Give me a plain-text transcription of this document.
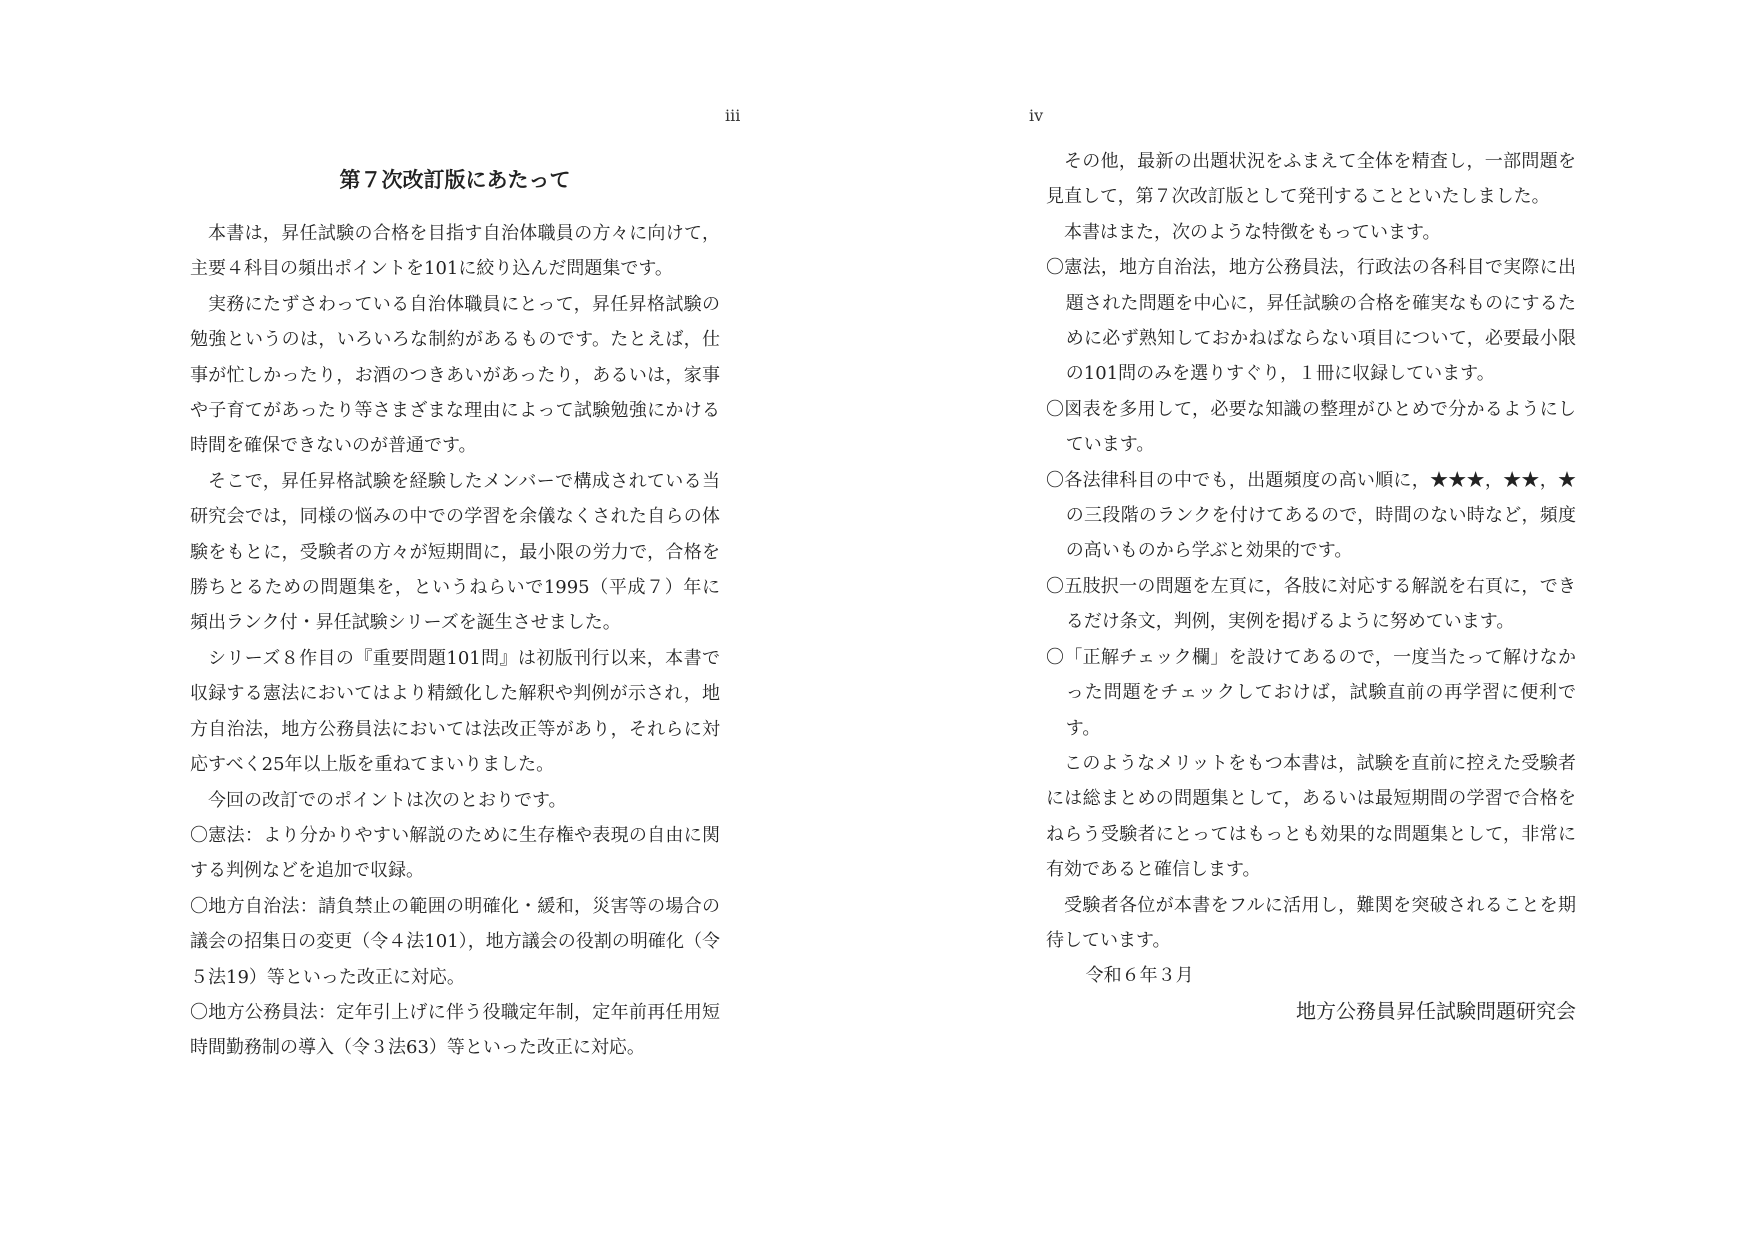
iii
第７次改訂版にあたって

本書は，昇任試験の合格を目指す自治体職員の方々に向けて，主要４科目の頻出ポイントを101に絞り込んだ問題集です。

実務にたずさわっている自治体職員にとって，昇任昇格試験の勉強というのは，いろいろな制約があるものです。たとえば，仕事が忙しかったり，お酒のつきあいがあったり，あるいは，家事や子育てがあったり等さまざまな理由によって試験勉強にかける時間を確保できないのが普通です。

そこで，昇任昇格試験を経験したメンバーで構成されている当研究会では，同様の悩みの中での学習を余儀なくされた自らの体験をもとに，受験者の方々が短期間に，最小限の労力で，合格を勝ちとるための問題集を，というねらいで1995（平成７）年に頻出ランク付・昇任試験シリーズを誕生させました。

シリーズ８作目の『重要問題101問』は初版刊行以来，本書で収録する憲法においてはより精緻化した解釈や判例が示され，地方自治法，地方公務員法においては法改正等があり，それらに対応すべく25年以上版を重ねてまいりました。

今回の改訂でのポイントは次のとおりです。

〇憲法：より分かりやすい解説のために生存権や表現の自由に関する判例などを追加で収録。

〇地方自治法：請負禁止の範囲の明確化・緩和，災害等の場合の議会の招集日の変更（令４法101），地方議会の役割の明確化（令５法19）等といった改正に対応。

〇地方公務員法：定年引上げに伴う役職定年制，定年前再任用短時間勤務制の導入（令３法63）等といった改正に対応。

iv

その他，最新の出題状況をふまえて全体を精査し，一部問題を見直して，第７次改訂版として発刊することといたしました。

本書はまた，次のような特徴をもっています。

〇憲法，地方自治法，地方公務員法，行政法の各科目で実際に出題された問題を中心に，昇任試験の合格を確実なものにするために必ず熟知しておかねばならない項目について，必要最小限の101問のみを選りすぐり，１冊に収録しています。

〇図表を多用して，必要な知識の整理がひとめで分かるようにしています。

〇各法律科目の中でも，出題頻度の高い順に，★★★，★★，★の三段階のランクを付けてあるので，時間のない時など，頻度の高いものから学ぶと効果的です。

〇五肢択一の問題を左頁に，各肢に対応する解説を右頁に，できるだけ条文，判例，実例を掲げるように努めています。

〇「正解チェック欄」を設けてあるので，一度当たって解けなかった問題をチェックしておけば，試験直前の再学習に便利です。

このようなメリットをもつ本書は，試験を直前に控えた受験者には総まとめの問題集として，あるいは最短期間の学習で合格をねらう受験者にとってはもっとも効果的な問題集として，非常に有効であると確信します。

受験者各位が本書をフルに活用し，難関を突破されることを期待しています。

令和６年３月

地方公務員昇任試験問題研究会
